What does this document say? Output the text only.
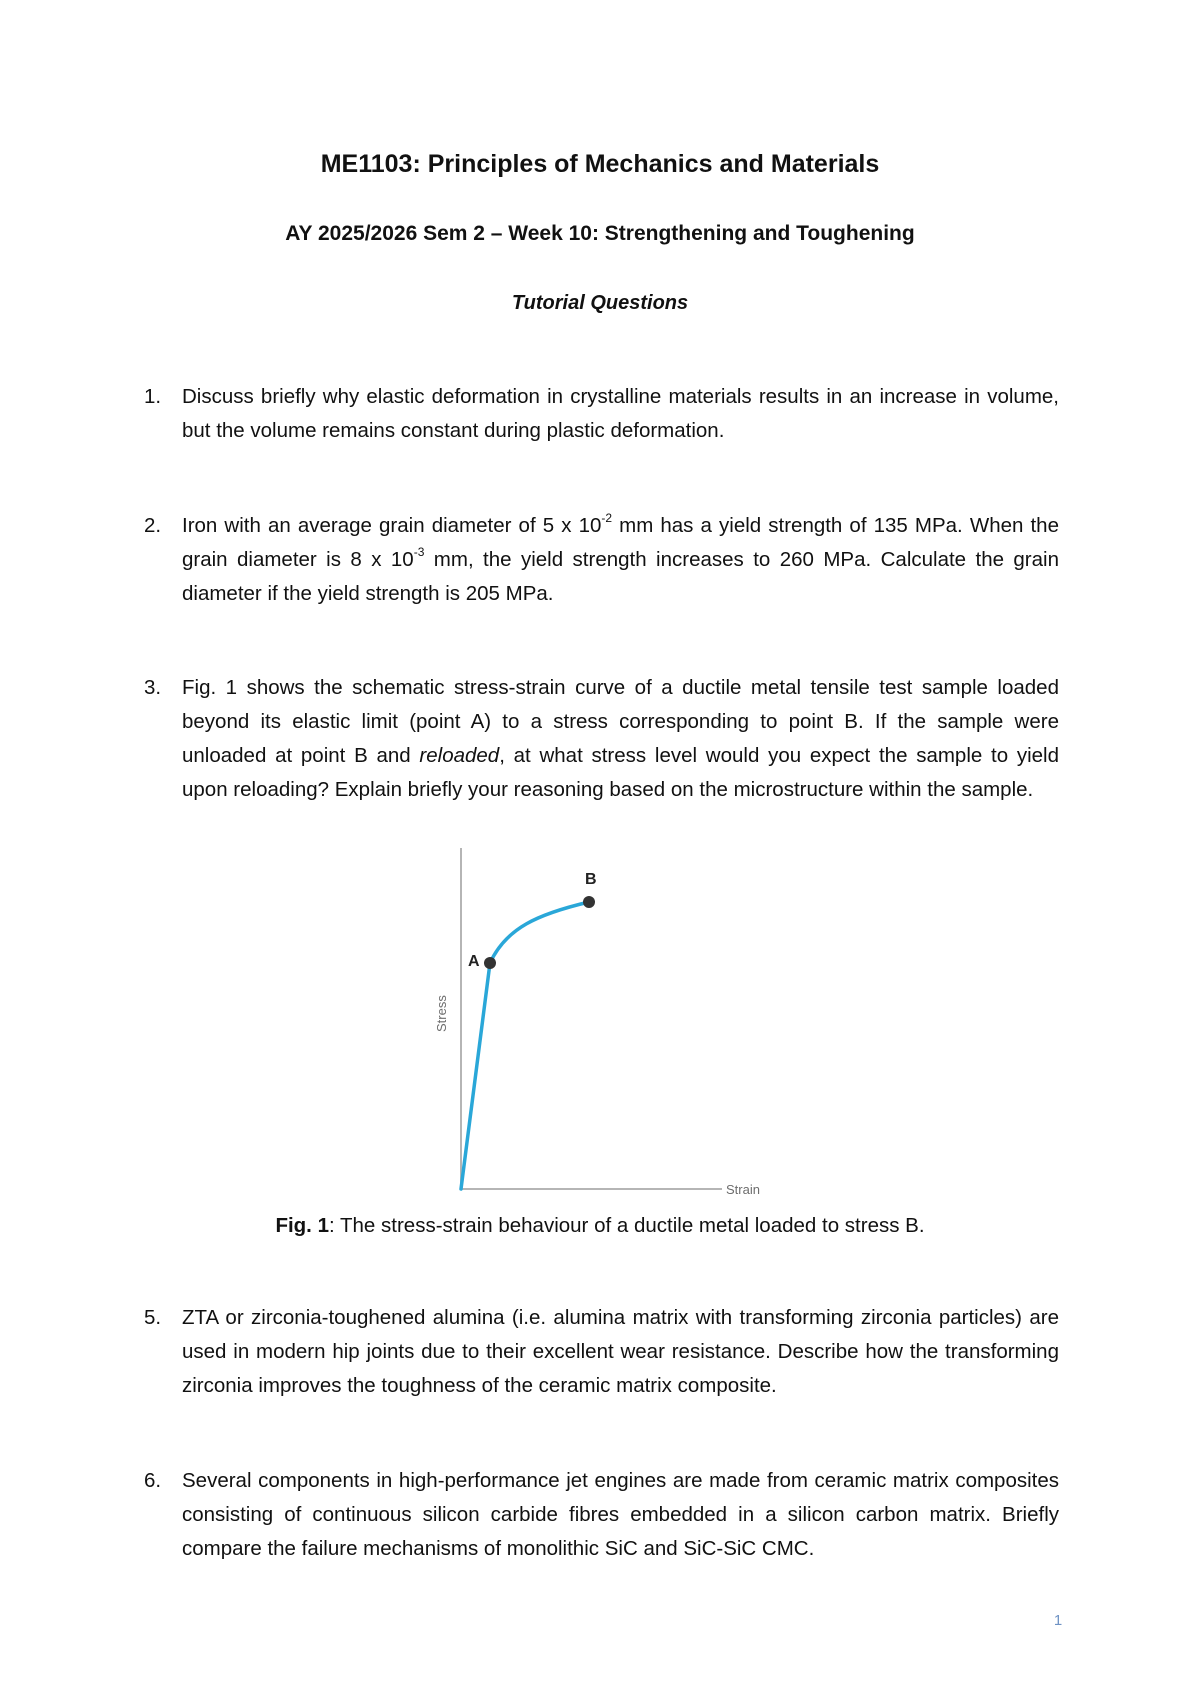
ME1103: Principles of Mechanics and Materials
AY 2025/2026 Sem 2 – Week 10: Strengthening and Toughening
Tutorial Questions
1.	Discuss briefly why elastic deformation in crystalline materials results in an increase in volume, but the volume remains constant during plastic deformation.
2.	Iron with an average grain diameter of 5 x $10^{-2}$ mm has a yield strength of 135 MPa. When the grain diameter is 8 x $10^{-3}$ mm, the yield strength increases to 260 MPa. Calculate the grain diameter if the yield strength is 205 MPa.
3.	Fig. 1 shows the schematic stress-strain curve of a ductile metal tensile test sample loaded beyond its elastic limit (point A) to a stress corresponding to point B. If the sample were unloaded at point B and reloaded, at what stress level would you expect the sample to yield upon reloading? Explain briefly your reasoning based on the microstructure within the sample.
A
B
Strain
Stress
Fig. 1: The stress-strain behaviour of a ductile metal loaded to stress B.
5.	ZTA or zirconia-toughened alumina (i.e. alumina matrix with transforming zirconia particles) are used in modern hip joints due to their excellent wear resistance. Describe how the transforming zirconia improves the toughness of the ceramic matrix composite.
6.	Several components in high-performance jet engines are made from ceramic matrix composites consisting of continuous silicon carbide fibres embedded in a silicon carbon matrix. Briefly compare the failure mechanisms of monolithic SiC and SiC-SiC CMC.
1
